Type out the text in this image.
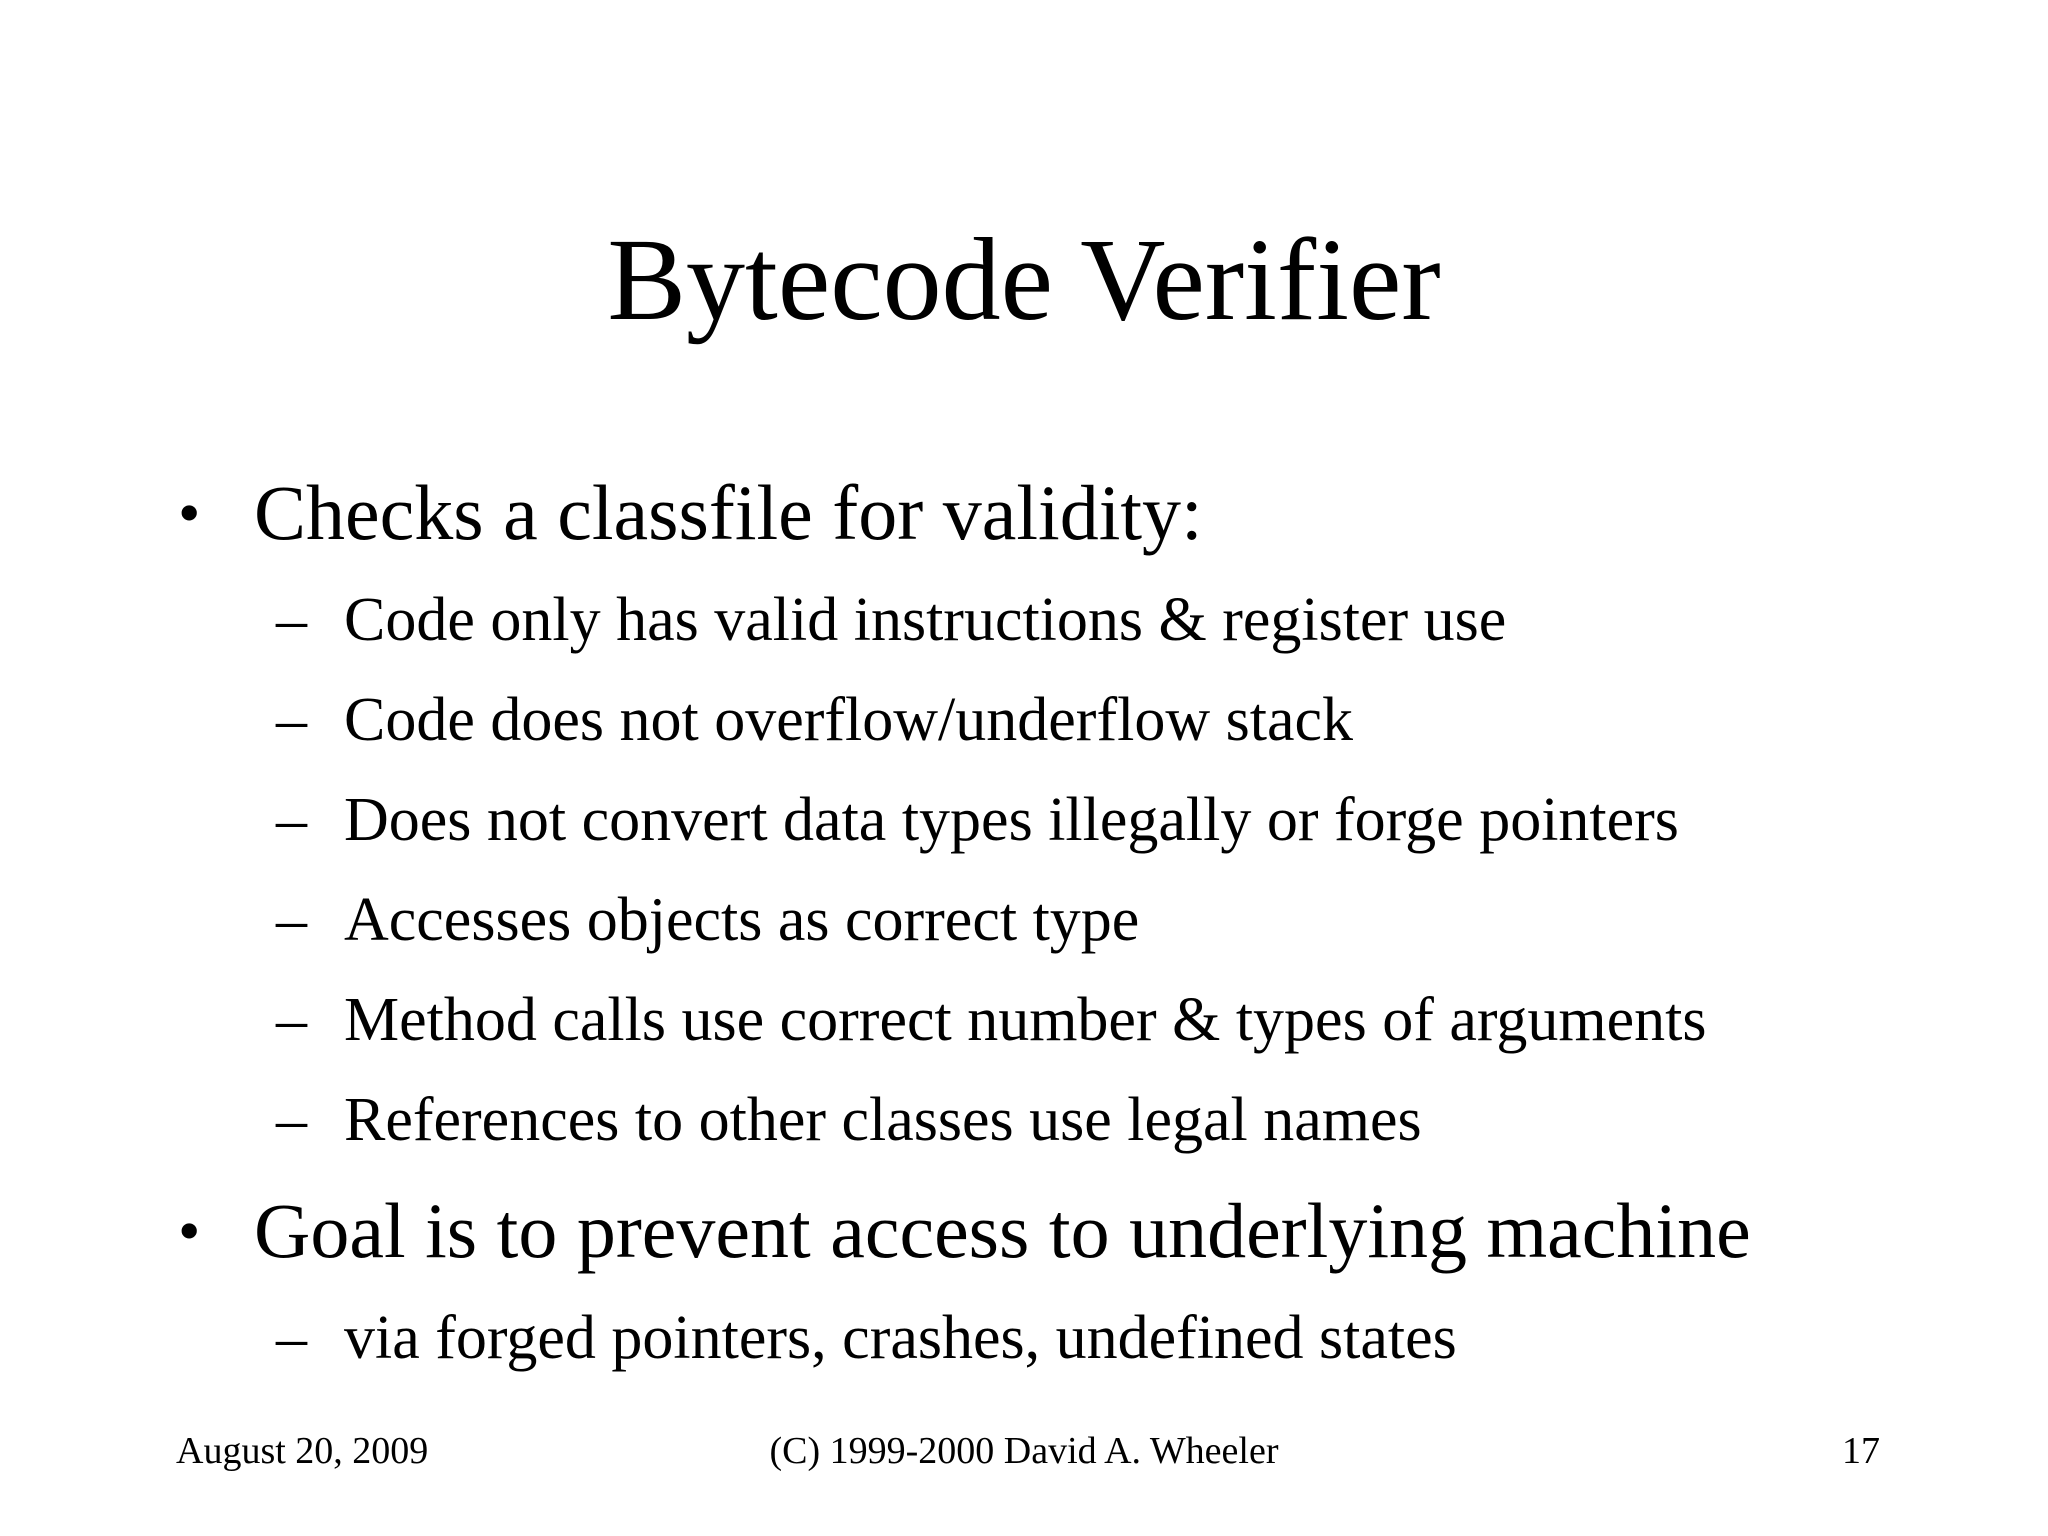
Bytecode Verifier
• Checks a classfile for validity:
– Code only has valid instructions & register use
– Code does not overflow/underflow stack
– Does not convert data types illegally or forge pointers
– Accesses objects as correct type
– Method calls use correct number & types of arguments
– References to other classes use legal names
• Goal is to prevent access to underlying machine
– via forged pointers, crashes, undefined states
August 20, 2009	(C) 1999-2000 David A. Wheeler	17
